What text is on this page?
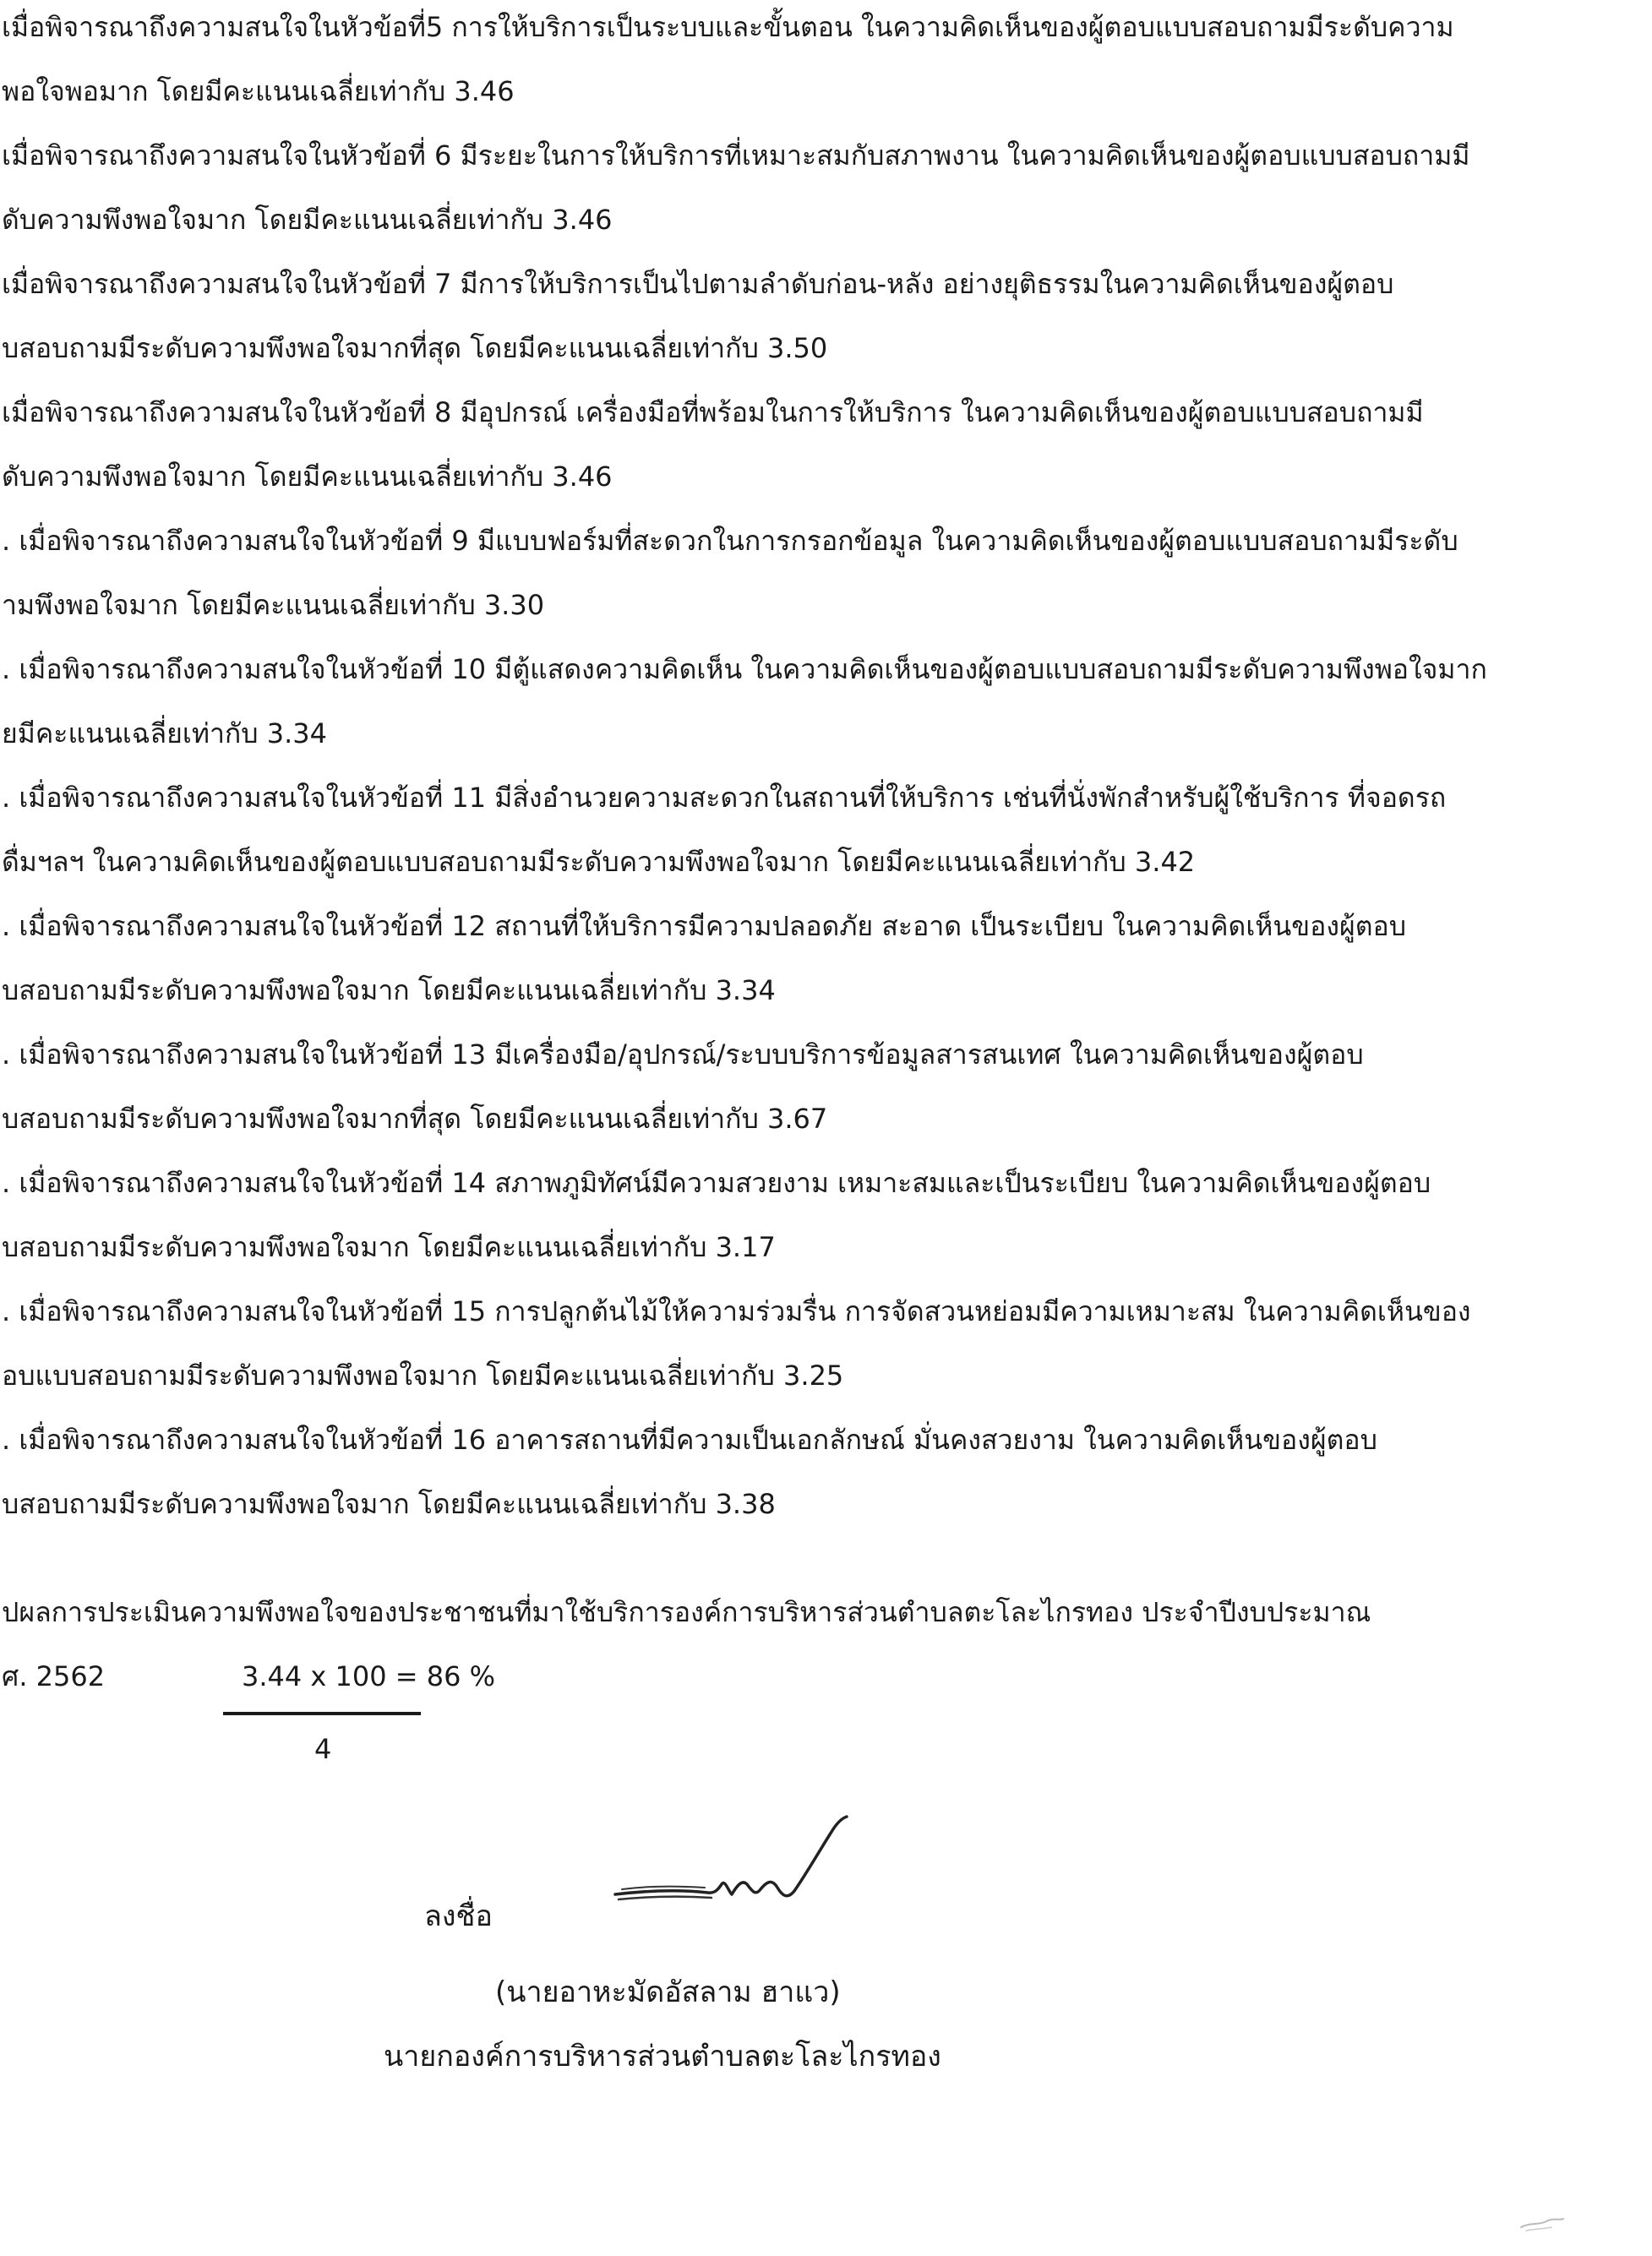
เมื่อพิจารณาถึงความสนใจในหัวข้อที่5 การให้บริการเป็นระบบและขั้นตอน ในความคิดเห็นของผู้ตอบแบบสอบถามมีระดับความ
พอใจพอมาก โดยมีคะแนนเฉลี่ยเท่ากับ 3.46
เมื่อพิจารณาถึงความสนใจในหัวข้อที่ 6 มีระยะในการให้บริการที่เหมาะสมกับสภาพงาน ในความคิดเห็นของผู้ตอบแบบสอบถามมี
ดับความพึงพอใจมาก โดยมีคะแนนเฉลี่ยเท่ากับ 3.46
เมื่อพิจารณาถึงความสนใจในหัวข้อที่ 7 มีการให้บริการเป็นไปตามลำดับก่อน-หลัง อย่างยุติธรรมในความคิดเห็นของผู้ตอบ
บสอบถามมีระดับความพึงพอใจมากที่สุด โดยมีคะแนนเฉลี่ยเท่ากับ 3.50
เมื่อพิจารณาถึงความสนใจในหัวข้อที่ 8 มีอุปกรณ์ เครื่องมือที่พร้อมในการให้บริการ ในความคิดเห็นของผู้ตอบแบบสอบถามมี
ดับความพึงพอใจมาก โดยมีคะแนนเฉลี่ยเท่ากับ 3.46
. เมื่อพิจารณาถึงความสนใจในหัวข้อที่ 9 มีแบบฟอร์มที่สะดวกในการกรอกข้อมูล ในความคิดเห็นของผู้ตอบแบบสอบถามมีระดับ
ามพึงพอใจมาก โดยมีคะแนนเฉลี่ยเท่ากับ 3.30
. เมื่อพิจารณาถึงความสนใจในหัวข้อที่ 10 มีตู้แสดงความคิดเห็น ในความคิดเห็นของผู้ตอบแบบสอบถามมีระดับความพึงพอใจมาก
ยมีคะแนนเฉลี่ยเท่ากับ 3.34
. เมื่อพิจารณาถึงความสนใจในหัวข้อที่ 11 มีสิ่งอำนวยความสะดวกในสถานที่ให้บริการ เช่นที่นั่งพักสำหรับผู้ใช้บริการ ที่จอดรถ
ดื่มฯลฯ ในความคิดเห็นของผู้ตอบแบบสอบถามมีระดับความพึงพอใจมาก โดยมีคะแนนเฉลี่ยเท่ากับ 3.42
. เมื่อพิจารณาถึงความสนใจในหัวข้อที่ 12 สถานที่ให้บริการมีความปลอดภัย สะอาด เป็นระเบียบ ในความคิดเห็นของผู้ตอบ
บสอบถามมีระดับความพึงพอใจมาก โดยมีคะแนนเฉลี่ยเท่ากับ 3.34
. เมื่อพิจารณาถึงความสนใจในหัวข้อที่ 13 มีเครื่องมือ/อุปกรณ์/ระบบบริการข้อมูลสารสนเทศ ในความคิดเห็นของผู้ตอบ
บสอบถามมีระดับความพึงพอใจมากที่สุด โดยมีคะแนนเฉลี่ยเท่ากับ 3.67
. เมื่อพิจารณาถึงความสนใจในหัวข้อที่ 14 สภาพภูมิทัศน์มีความสวยงาม เหมาะสมและเป็นระเบียบ ในความคิดเห็นของผู้ตอบ
บสอบถามมีระดับความพึงพอใจมาก โดยมีคะแนนเฉลี่ยเท่ากับ 3.17
. เมื่อพิจารณาถึงความสนใจในหัวข้อที่ 15 การปลูกต้นไม้ให้ความร่วมรื่น การจัดสวนหย่อมมีความเหมาะสม ในความคิดเห็นของ
อบแบบสอบถามมีระดับความพึงพอใจมาก โดยมีคะแนนเฉลี่ยเท่ากับ 3.25
. เมื่อพิจารณาถึงความสนใจในหัวข้อที่ 16 อาคารสถานที่มีความเป็นเอกลักษณ์ มั่นคงสวยงาม ในความคิดเห็นของผู้ตอบ
บสอบถามมีระดับความพึงพอใจมาก โดยมีคะแนนเฉลี่ยเท่ากับ 3.38
ปผลการประเมินความพึงพอใจของประชาชนที่มาใช้บริการองค์การบริหารส่วนตำบลตะโละไกรทอง ประจำปีงบประมาณ
ศ. 2562	3.44 x 100 = 86 %
4
ลงชื่อ
(นายอาหะมัดอัสลาม ฮาแว)
นายกองค์การบริหารส่วนตำบลตะโละไกรทอง
